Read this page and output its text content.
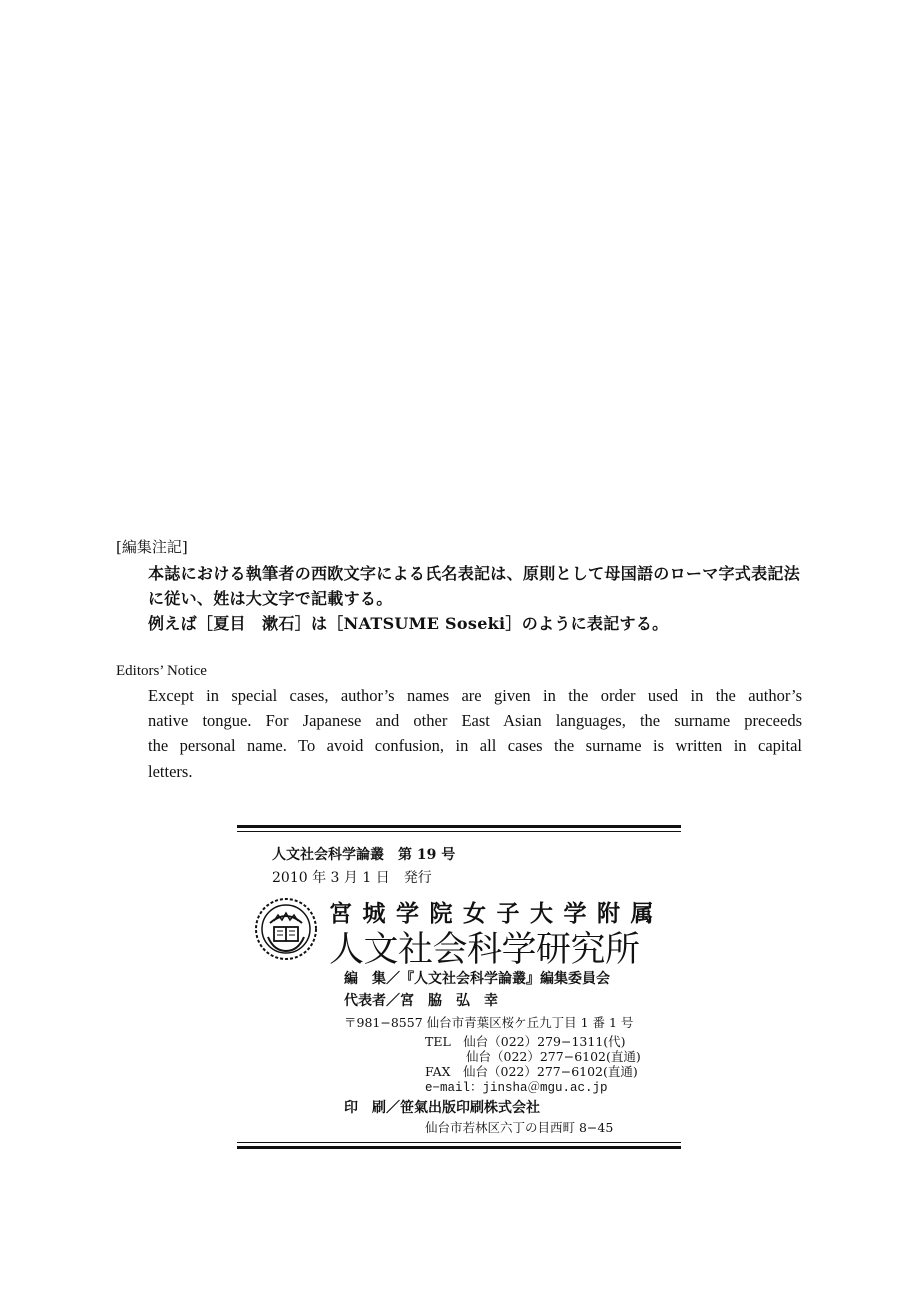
[編集注記]
本誌における執筆者の西欧文字による氏名表記は、原則として母国語のローマ字式表記法
に従い、姓は大文字で記載する。
例えば［夏目　漱石］は［NATSUME Soseki］のように表記する。
Editors’ Notice
Except in special cases, author’s names are given in the order used in the author’s
native tongue. For Japanese and other East Asian languages, the surname preceeds
the personal name. To avoid confusion, in all cases the surname is written in capital
letters.
人文社会科学論叢　第 19 号
2010 年 3 月 1 日　発行
宮城学院女子大学附属
人文社会科学研究所
編　集／『人文社会科学論叢』編集委員会
代表者／宮　脇　弘　幸
〒981−8557 仙台市青葉区桜ケ丘九丁目 1 番 1 号
TEL　仙台（022）279−1311(代)
仙台（022）277−6102(直通)
FAX　仙台（022）277−6102(直通)
e−mail：jinsha＠mgu.ac.jp
印　刷／笹氣出版印刷株式会社
仙台市若林区六丁の目西町 8−45
